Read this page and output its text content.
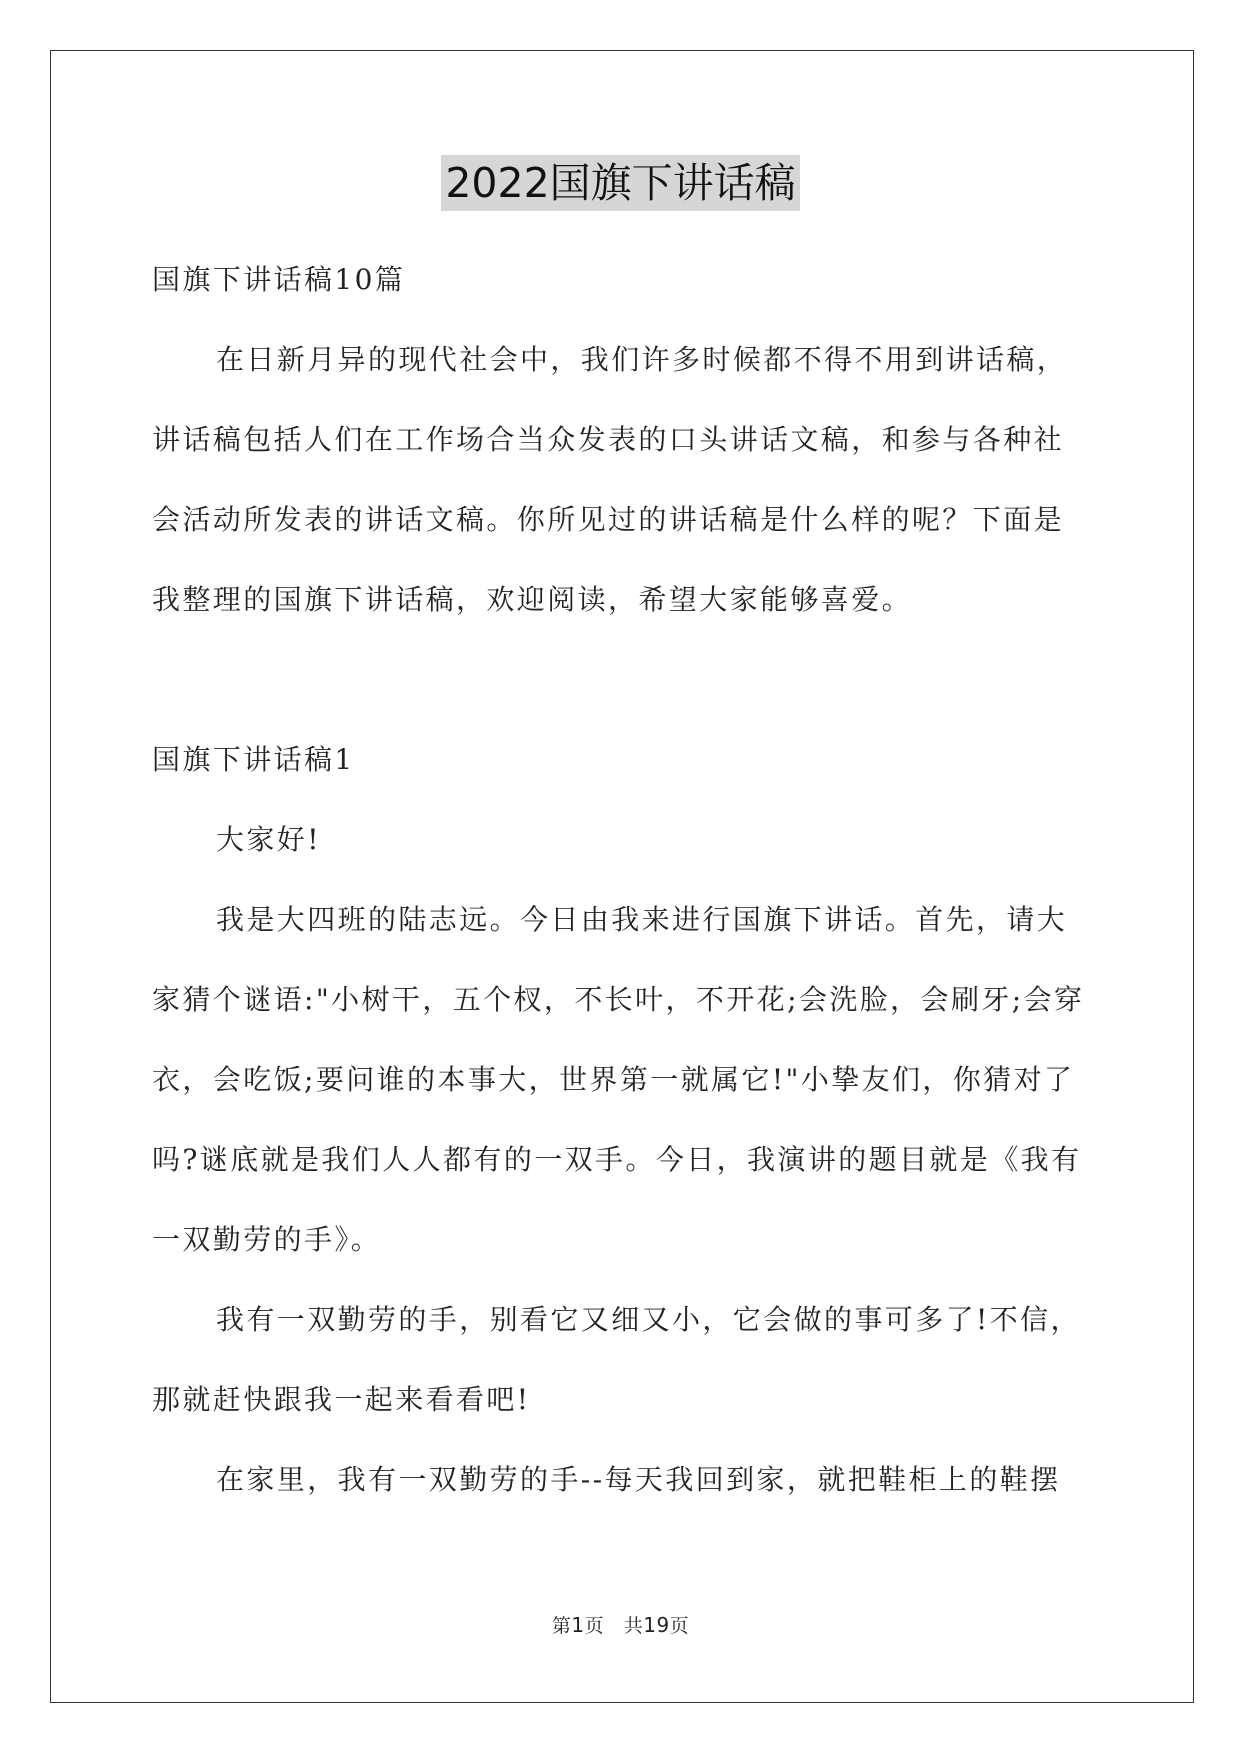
2022国旗下讲话稿

国旗下讲话稿10篇

在日新月异的现代社会中，我们许多时候都不得不用到讲话稿，讲话稿包括人们在工作场合当众发表的口头讲话文稿，和参与各种社会活动所发表的讲话文稿。你所见过的讲话稿是什么样的呢？下面是我整理的国旗下讲话稿，欢迎阅读，希望大家能够喜爱。

国旗下讲话稿1

大家好!

我是大四班的陆志远。今日由我来进行国旗下讲话。首先，请大家猜个谜语:"小树干，五个杈，不长叶，不开花;会洗脸，会刷牙;会穿衣，会吃饭;要问谁的本事大，世界第一就属它!"小挚友们，你猜对了吗?谜底就是我们人人都有的一双手。今日，我演讲的题目就是《我有一双勤劳的手》。

我有一双勤劳的手，别看它又细又小，它会做的事可多了!不信，那就赶快跟我一起来看看吧!

在家里，我有一双勤劳的手--每天我回到家，就把鞋柜上的鞋摆

第1页 共19页
